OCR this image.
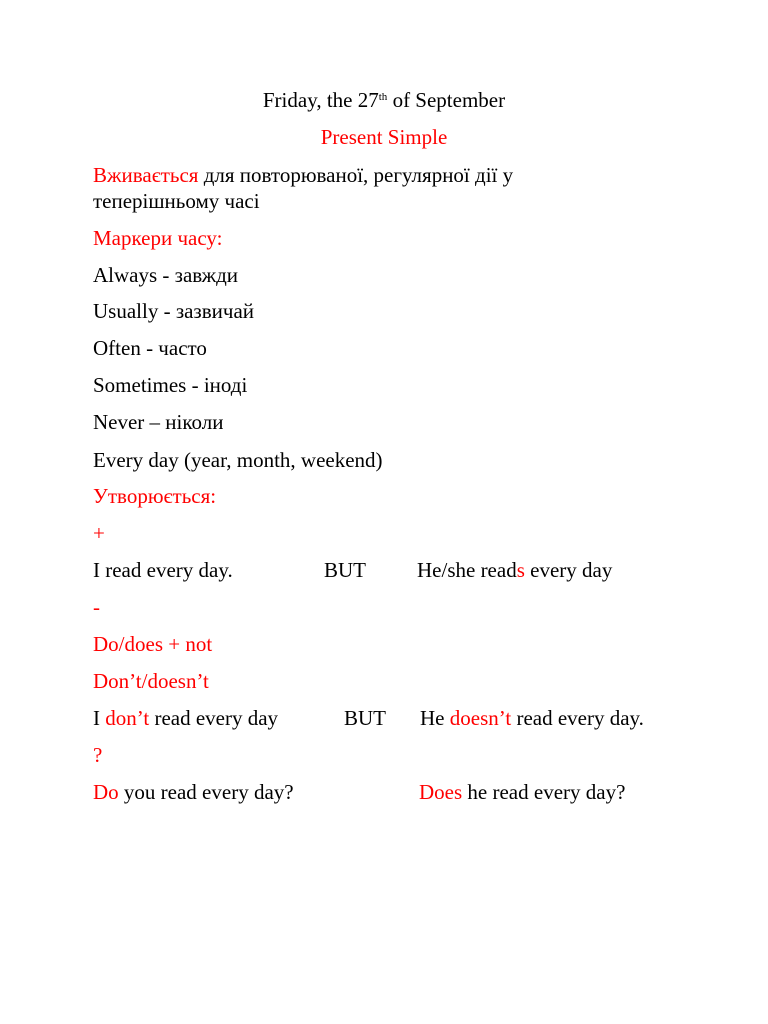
Friday, the 27th of September
Present Simple
Вживається для повторюваної, регулярної дії у
теперішньому часі
Маркери часу:
Always - завжди
Usually - зазвичай
Often - часто
Sometimes - іноді
Never – ніколи
Every day (year, month, weekend)
Утворюється:
+
I read every day.	BUT He/she reads every day
-
Do/does + not
Don’t/doesn’t
I don’t read every day	BUT He doesn’t read every day.
?
Do you read every day?	Does he read every day?
